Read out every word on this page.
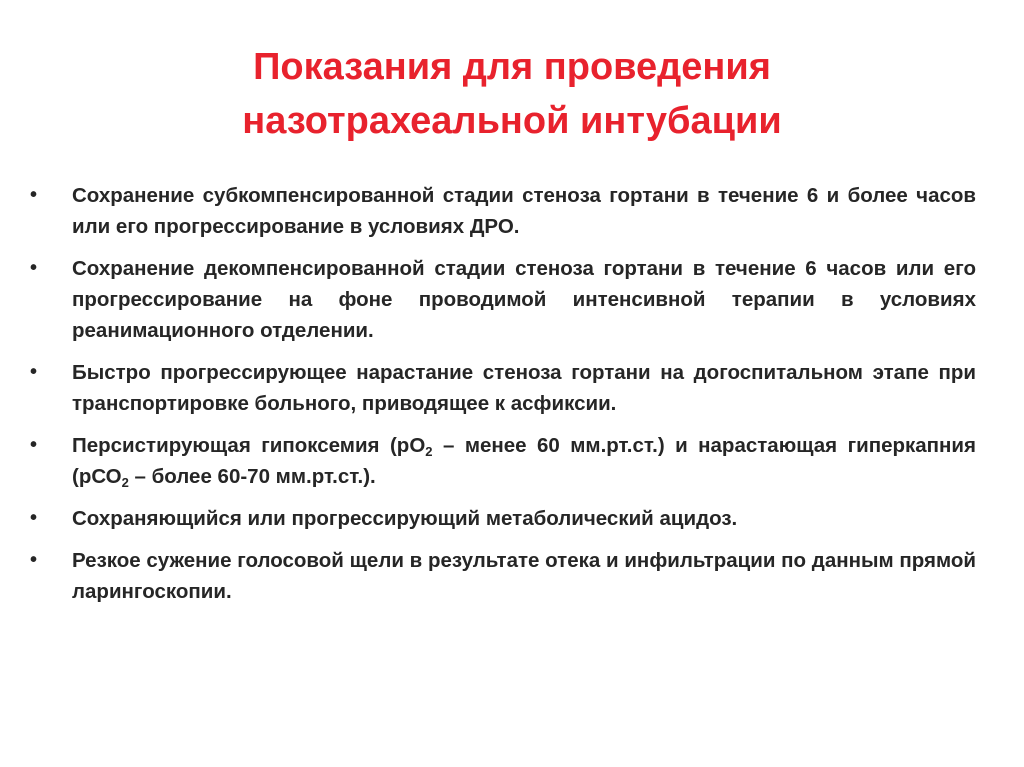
Показания для проведения
назотрахеальной интубации
•	Сохранение субкомпенсированной стадии стеноза гортани в течение 6 и более часов или его прогрессирование в условиях ДРО.
•	Сохранение декомпенсированной стадии стеноза гортани в течение 6 часов или его прогрессирование на фоне проводимой интенсивной терапии в условиях реанимационного отделении.
•	Быстро прогрессирующее нарастание стеноза гортани на догоспитальном этапе при транспортировке больного, приводящее к асфиксии.
•	Персистирующая гипоксемия ($рО_2$ – менее 60 мм.рт.ст.) и нарастающая гиперкапния (рСО$_2$ – более 60-70 мм.рт.ст.).
•	Сохраняющийся или прогрессирующий метаболический ацидоз.
•	Резкое сужение голосовой щели в результате отека и инфильтрации по данным прямой ларингоскопии.
